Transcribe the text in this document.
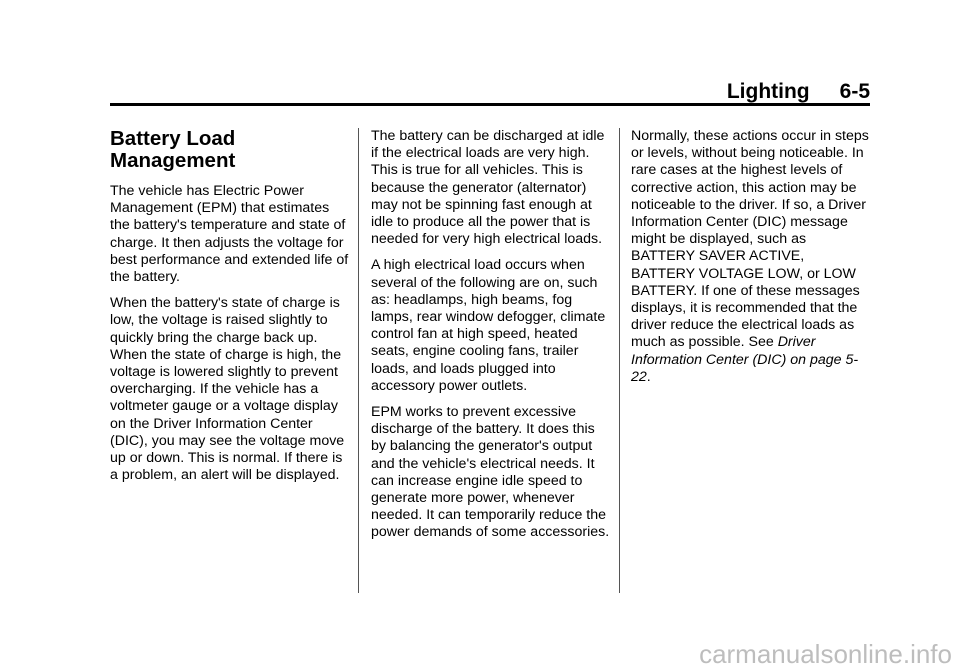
Lighting 6-5
Battery Load
Management

The vehicle has Electric Power Management (EPM) that estimates the battery's temperature and state of charge. It then adjusts the voltage for best performance and extended life of the battery.

When the battery's state of charge is low, the voltage is raised slightly to quickly bring the charge back up. When the state of charge is high, the voltage is lowered slightly to prevent overcharging. If the vehicle has a voltmeter gauge or a voltage display on the Driver Information Center (DIC), you may see the voltage move up or down. This is normal. If there is a problem, an alert will be displayed.

The battery can be discharged at idle if the electrical loads are very high. This is true for all vehicles. This is because the generator (alternator) may not be spinning fast enough at idle to produce all the power that is needed for very high electrical loads.

A high electrical load occurs when several of the following are on, such as: headlamps, high beams, fog lamps, rear window defogger, climate control fan at high speed, heated seats, engine cooling fans, trailer loads, and loads plugged into accessory power outlets.

EPM works to prevent excessive discharge of the battery. It does this by balancing the generator's output and the vehicle's electrical needs. It can increase engine idle speed to generate more power, whenever needed. It can temporarily reduce the power demands of some accessories.

Normally, these actions occur in steps or levels, without being noticeable. In rare cases at the highest levels of corrective action, this action may be noticeable to the driver. If so, a Driver Information Center (DIC) message might be displayed, such as BATTERY SAVER ACTIVE, BATTERY VOLTAGE LOW, or LOW BATTERY. If one of these messages displays, it is recommended that the driver reduce the electrical loads as much as possible. See Driver Information Center (DIC) on page 5-22.

carmanualsonline.info
